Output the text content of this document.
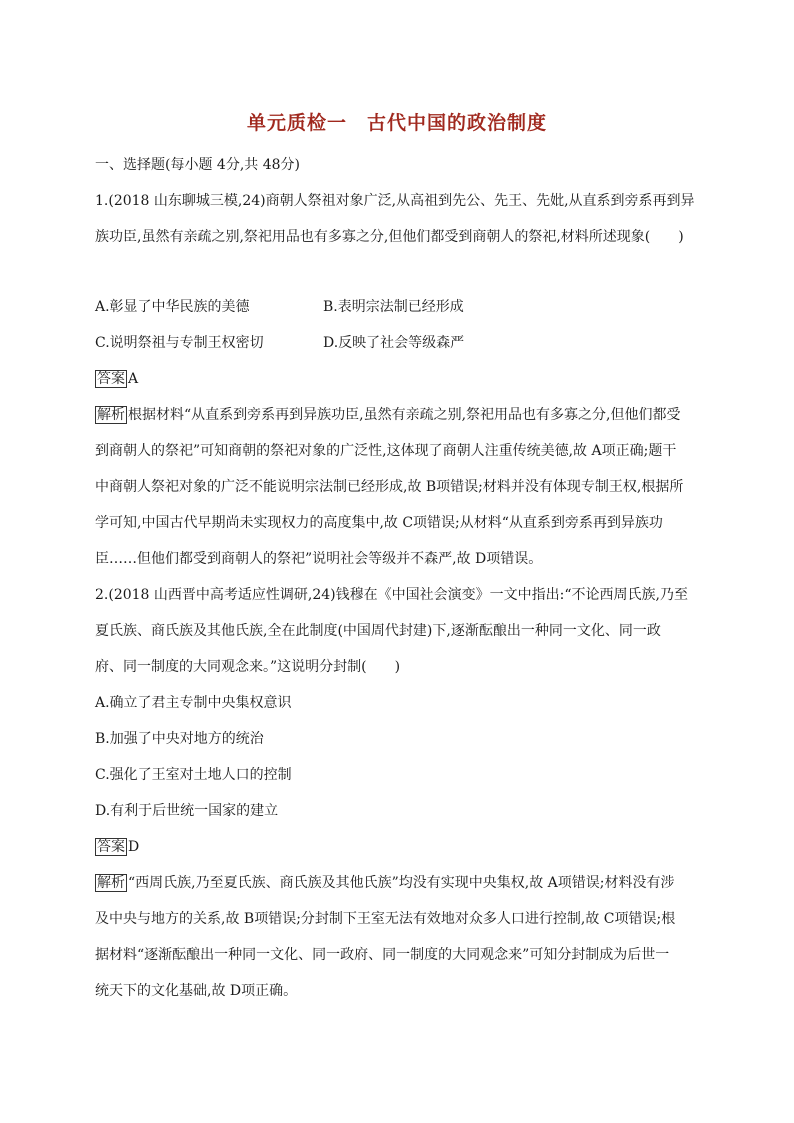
单元质检一　古代中国的政治制度
一、选择题(每小题 4分,共 48分)
1.(2018 山东聊城三模,24)商朝人祭祖对象广泛,从高祖到先公、先王、先妣,从直系到旁系再到异
族功臣,虽然有亲疏之别,祭祀用品也有多寡之分,但他们都受到商朝人的祭祀,材料所述现象(　　)
A.彰显了中华民族的美德	B.表明宗法制已经形成
C.说明祭祖与专制王权密切	D.反映了社会等级森严
答案 A
解析 根据材料“从直系到旁系再到异族功臣,虽然有亲疏之别,祭祀用品也有多寡之分,但他们都受
到商朝人的祭祀”可知商朝的祭祀对象的广泛性,这体现了商朝人注重传统美德,故 A项正确;题干
中商朝人祭祀对象的广泛不能说明宗法制已经形成,故 B项错误;材料并没有体现专制王权,根据所
学可知,中国古代早期尚未实现权力的高度集中,故 C项错误;从材料“从直系到旁系再到异族功
臣……但他们都受到商朝人的祭祀”说明社会等级并不森严,故 D项错误。
2.(2018 山西晋中高考适应性调研,24)钱穆在《中国社会演变》一文中指出:“不论西周氏族,乃至
夏氏族、商氏族及其他氏族,全在此制度(中国周代封建)下,逐渐酝酿出一种同一文化、同一政
府、同一制度的大同观念来。”这说明分封制(　　)
A.确立了君主专制中央集权意识
B.加强了中央对地方的统治
C.强化了王室对土地人口的控制
D.有利于后世统一国家的建立
答案 D
解析 “西周氏族,乃至夏氏族、商氏族及其他氏族”均没有实现中央集权,故 A项错误;材料没有涉
及中央与地方的关系,故 B项错误;分封制下王室无法有效地对众多人口进行控制,故 C项错误;根
据材料“逐渐酝酿出一种同一文化、同一政府、同一制度的大同观念来”可知分封制成为后世一
统天下的文化基础,故 D项正确。
